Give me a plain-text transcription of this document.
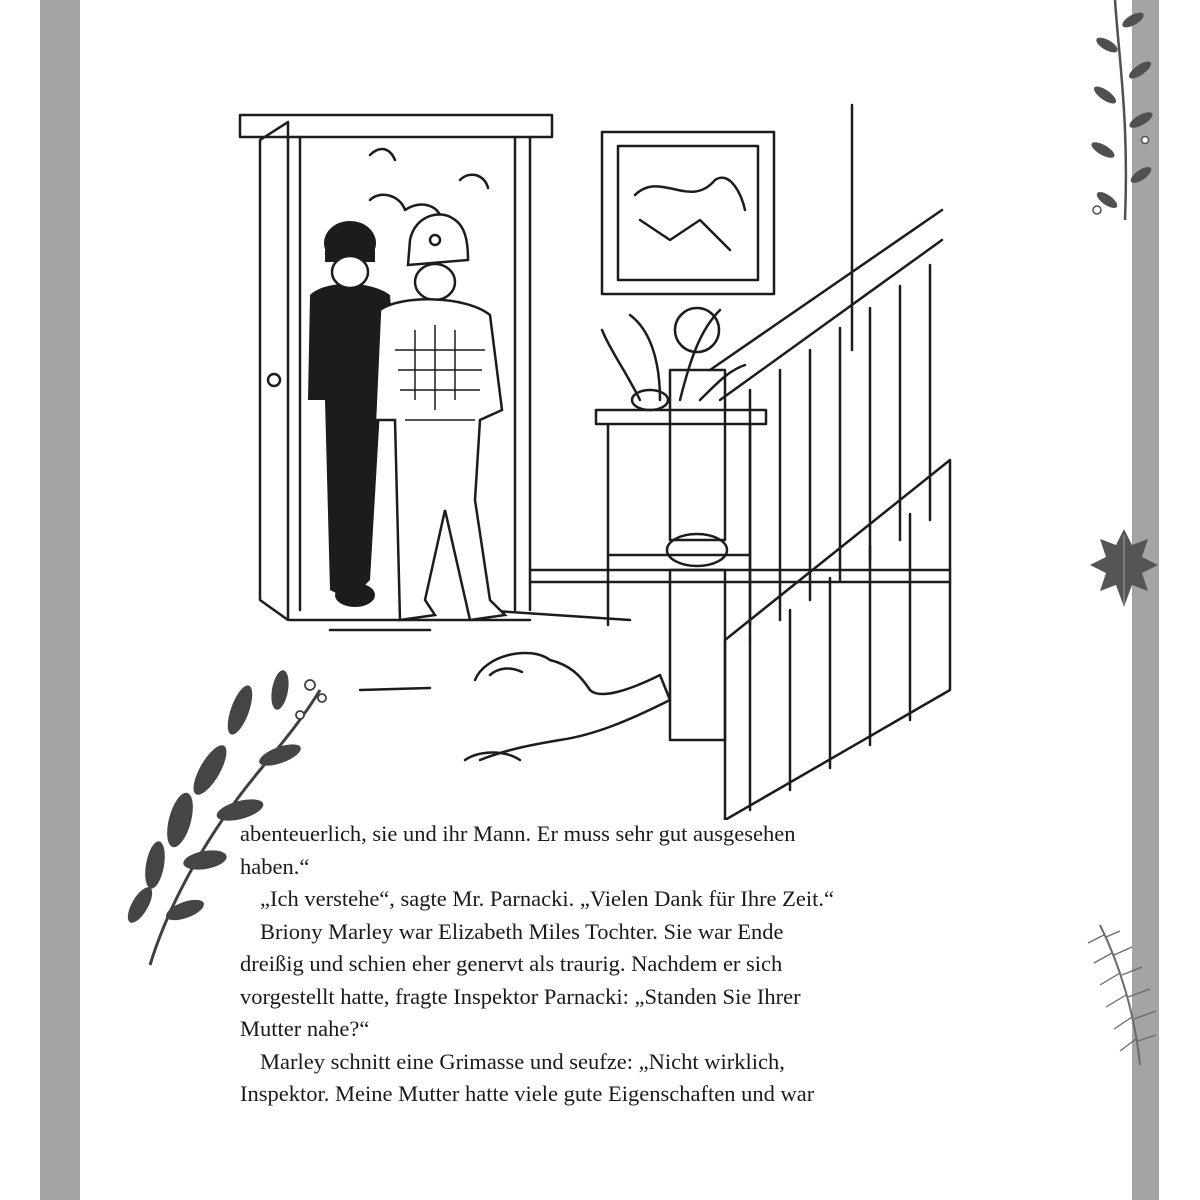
abenteuerlich, sie und ihr Mann. Er muss sehr gut ausgesehen
haben.“
„Ich verstehe“, sagte Mr. Parnacki. „Vielen Dank für Ihre Zeit.“
Briony Marley war Elizabeth Miles Tochter. Sie war Ende
dreißig und schien eher genervt als traurig. Nachdem er sich
vorgestellt hatte, fragte Inspektor Parnacki: „Standen Sie Ihrer
Mutter nahe?“
Marley schnitt eine Grimasse und seufze: „Nicht wirklich,
Inspektor. Meine Mutter hatte viele gute Eigenschaften und war
